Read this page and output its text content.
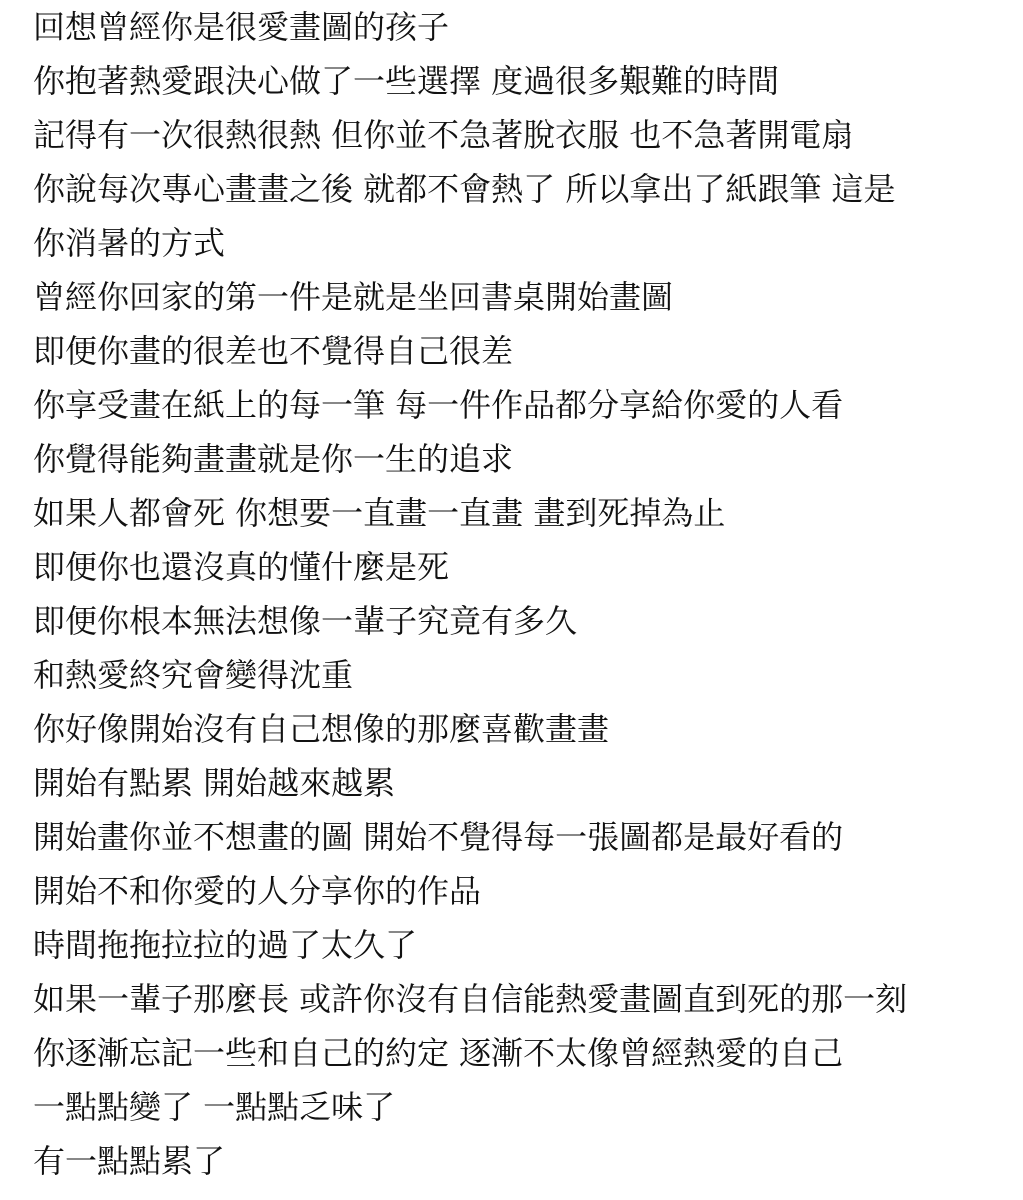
回想曾經你是很愛畫圖的孩子
你抱著熱愛跟決心做了一些選擇 度過很多艱難的時間
記得有一次很熱很熱 但你並不急著脫衣服 也不急著開電扇
你說每次專心畫畫之後 就都不會熱了 所以拿出了紙跟筆 這是
你消暑的方式
曾經你回家的第一件是就是坐回書桌開始畫圖
即便你畫的很差也不覺得自己很差
你享受畫在紙上的每一筆 每一件作品都分享給你愛的人看
你覺得能夠畫畫就是你一生的追求
如果人都會死 你想要一直畫一直畫 畫到死掉為止
即便你也還沒真的懂什麼是死
即便你根本無法想像一輩子究竟有多久
和熱愛終究會變得沈重
你好像開始沒有自己想像的那麼喜歡畫畫
開始有點累 開始越來越累
開始畫你並不想畫的圖 開始不覺得每一張圖都是最好看的
開始不和你愛的人分享你的作品
時間拖拖拉拉的過了太久了
如果一輩子那麼長 或許你沒有自信能熱愛畫圖直到死的那一刻
你逐漸忘記一些和自己的約定 逐漸不太像曾經熱愛的自己
一點點變了 一點點乏味了
有一點點累了
